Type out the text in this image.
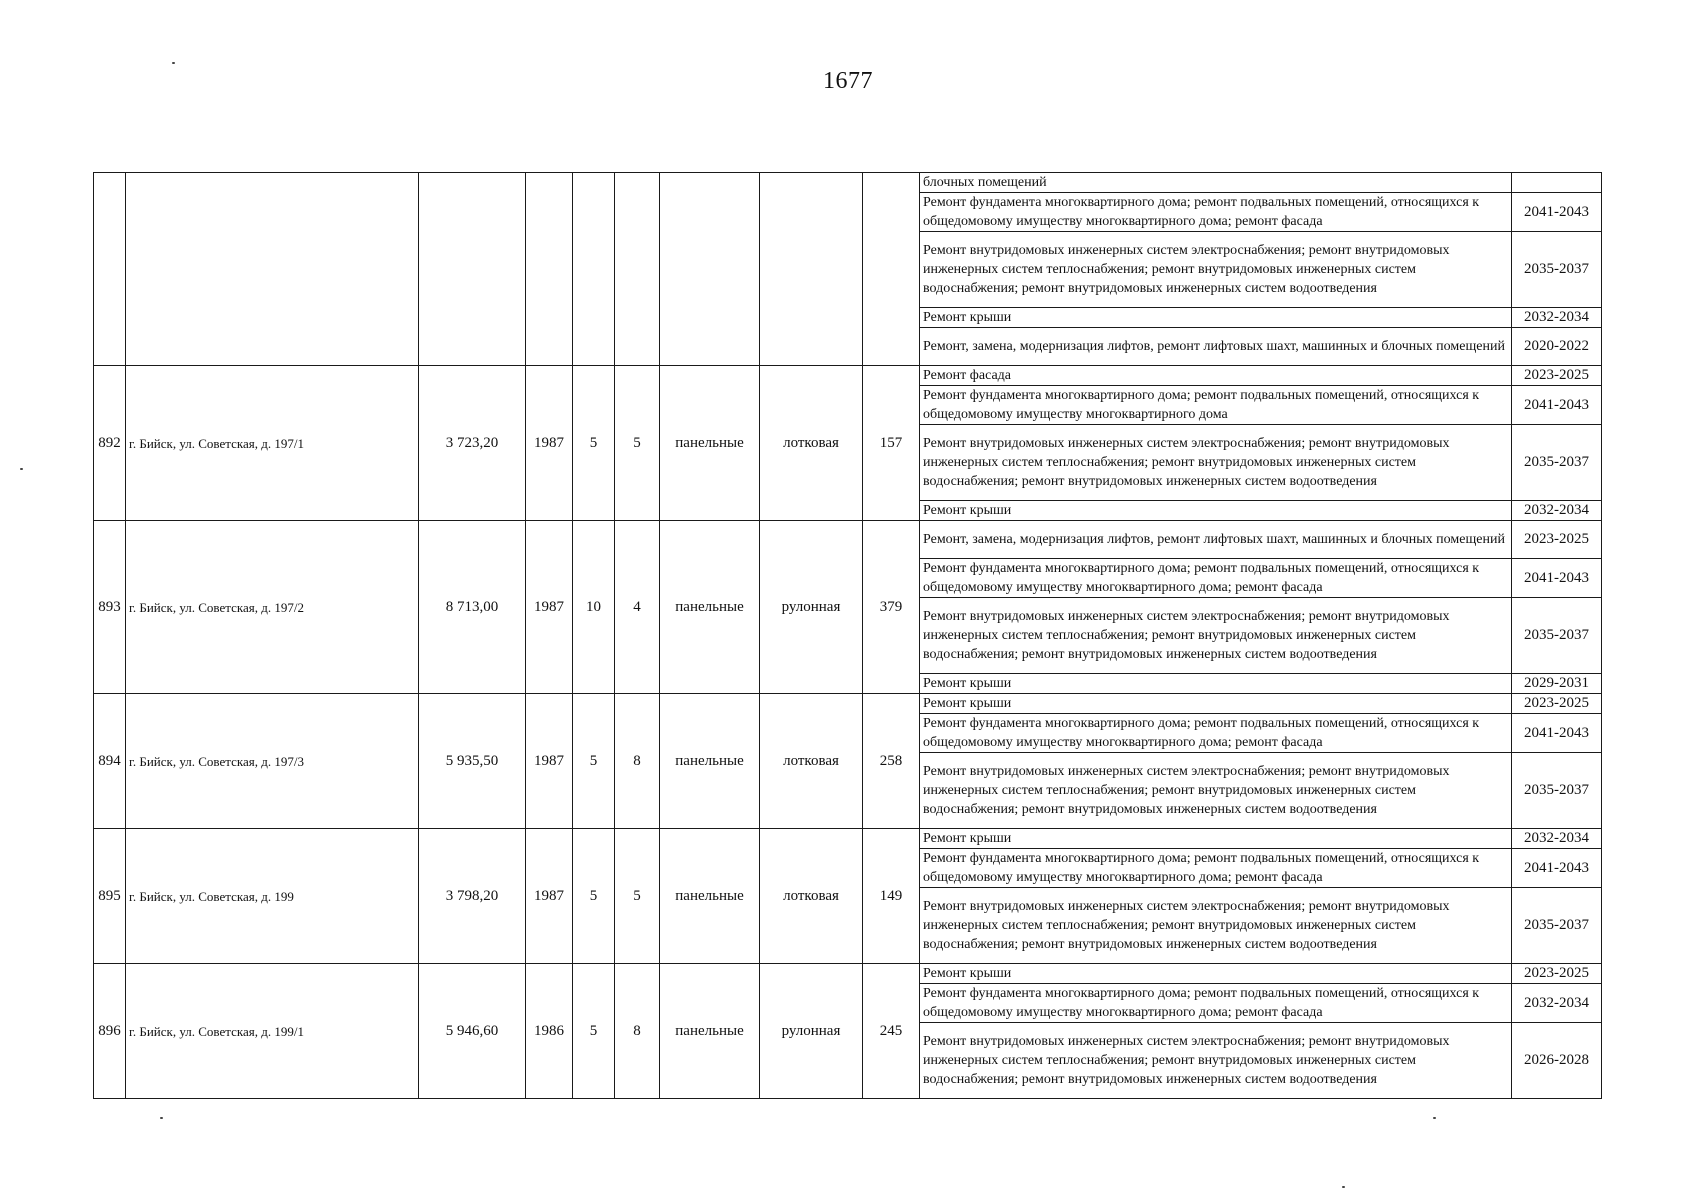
1677
									блочных помещений	
									Ремонт фундамента многоквартирного дома; ремонт подвальных помещений, относящихся к общедомовому имуществу многоквартирного дома; ремонт фасада	2041-2043
									Ремонт внутридомовых инженерных систем электроснабжения; ремонт внутридомовых инженерных систем теплоснабжения; ремонт внутридомовых инженерных систем водоснабжения; ремонт внутридомовых инженерных систем водоотведения	2035-2037
									Ремонт крыши	2032-2034
									Ремонт, замена, модернизация лифтов, ремонт лифтовых шахт, машинных и блочных помещений	2020-2022
892	г. Бийск, ул. Советская, д. 197/1	3 723,20	1987	5	5	панельные	лотковая	157	Ремонт фасада	2023-2025
									Ремонт фундамента многоквартирного дома; ремонт подвальных помещений, относящихся к общедомовому имуществу многоквартирного дома	2041-2043
									Ремонт внутридомовых инженерных систем электроснабжения; ремонт внутридомовых инженерных систем теплоснабжения; ремонт внутридомовых инженерных систем водоснабжения; ремонт внутридомовых инженерных систем водоотведения	2035-2037
									Ремонт крыши	2032-2034
893	г. Бийск, ул. Советская, д. 197/2	8 713,00	1987	10	4	панельные	рулонная	379	Ремонт, замена, модернизация лифтов, ремонт лифтовых шахт, машинных и блочных помещений	2023-2025
									Ремонт фундамента многоквартирного дома; ремонт подвальных помещений, относящихся к общедомовому имуществу многоквартирного дома; ремонт фасада	2041-2043
									Ремонт внутридомовых инженерных систем электроснабжения; ремонт внутридомовых инженерных систем теплоснабжения; ремонт внутридомовых инженерных систем водоснабжения; ремонт внутридомовых инженерных систем водоотведения	2035-2037
									Ремонт крыши	2029-2031
894	г. Бийск, ул. Советская, д. 197/3	5 935,50	1987	5	8	панельные	лотковая	258	Ремонт крыши	2023-2025
									Ремонт фундамента многоквартирного дома; ремонт подвальных помещений, относящихся к общедомовому имуществу многоквартирного дома; ремонт фасада	2041-2043
									Ремонт внутридомовых инженерных систем электроснабжения; ремонт внутридомовых инженерных систем теплоснабжения; ремонт внутридомовых инженерных систем водоснабжения; ремонт внутридомовых инженерных систем водоотведения	2035-2037
895	г. Бийск, ул. Советская, д. 199	3 798,20	1987	5	5	панельные	лотковая	149	Ремонт крыши	2032-2034
									Ремонт фундамента многоквартирного дома; ремонт подвальных помещений, относящихся к общедомовому имуществу многоквартирного дома; ремонт фасада	2041-2043
									Ремонт внутридомовых инженерных систем электроснабжения; ремонт внутридомовых инженерных систем теплоснабжения; ремонт внутридомовых инженерных систем водоснабжения; ремонт внутридомовых инженерных систем водоотведения	2035-2037
896	г. Бийск, ул. Советская, д. 199/1	5 946,60	1986	5	8	панельные	рулонная	245	Ремонт крыши	2023-2025
									Ремонт фундамента многоквартирного дома; ремонт подвальных помещений, относящихся к общедомовому имуществу многоквартирного дома; ремонт фасада	2032-2034
									Ремонт внутридомовых инженерных систем электроснабжения; ремонт внутридомовых инженерных систем теплоснабжения; ремонт внутридомовых инженерных систем водоснабжения; ремонт внутридомовых инженерных систем водоотведения	2026-2028
